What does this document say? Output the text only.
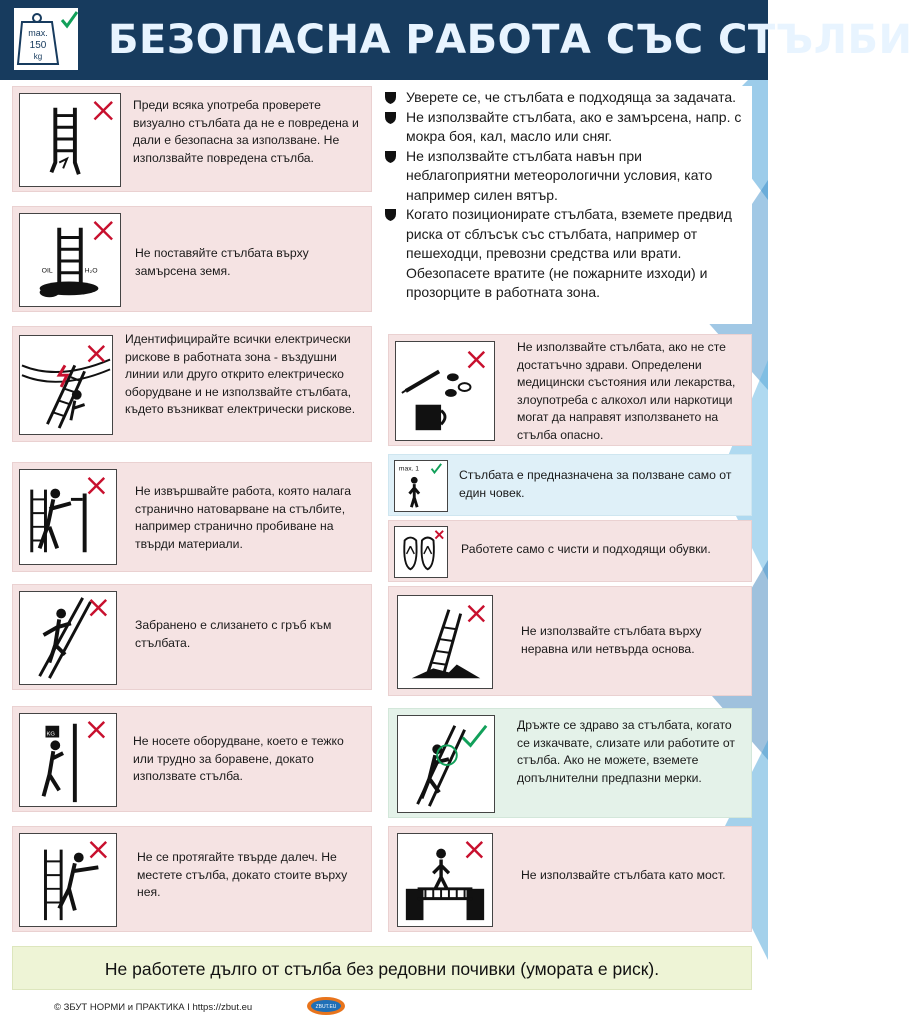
max.
150
kg БЕЗОПАСНА РАБОТА СЪС СТЪЛБИ
Преди всяка употреба проверете визуално стълбата да не е повредена и дали е безопасна за използване. Не използвайте повредена стълба.
OIL	H₂O
Не поставяйте стълбата върху замърсена земя.
Идентифицирайте всички електрически рискове в работната зона - въздушни линии или друго открито електрическо оборудване и не използвайте стълбата, където възникват електрически рискове.
Не извършвайте работа, която налага странично натоварване на стълбите, например странично пробиване на твърди материали.
Забранено е слизането с гръб към стълбата.
KG	Не носете оборудване, което е тежко или трудно за боравене, докато използвате стълба.
Не се протягайте твърде далеч. Не местете стълба, докато стоите върху нея.
Уверете се, че стълбата е подходяща за задачата.
Не използвайте стълбата, ако е замърсена, напр. с мокра боя, кал, масло или сняг.
Не използвайте стълбата навън при неблагоприятни метеорологични условия, като например силен вятър.
Когато позиционирате стълбата, вземете предвид риска от сблъсък със стълбата, например от пешеходци, превозни средства или врати. Обезопасете вратите (не пожарните изходи) и прозорците в работната зона.
Не използвайте стълбата, ако не сте достатъчно здрави. Определени медицински състояния или лекарства, злоупотреба с алкохол или наркотици могат да направят използването на стълба опасно.
max. 1	Стълбата е предназначена за ползване само от един човек.
Работете само с чисти и подходящи обувки.
Не използвайте стълбата върху неравна или нетвърда основа.
Дръжте се здраво за стълбата, когато се изкачвате, слизате или работите от стълба. Ако не можете, вземете допълнителни предпазни мерки.
Не използвайте стълбата като мост.
Не работете дълго от стълба без редовни почивки (умората е риск).
© ЗБУТ НОРМИ и ПРАКТИКА I https://zbut.eu	ZBUT.EU
